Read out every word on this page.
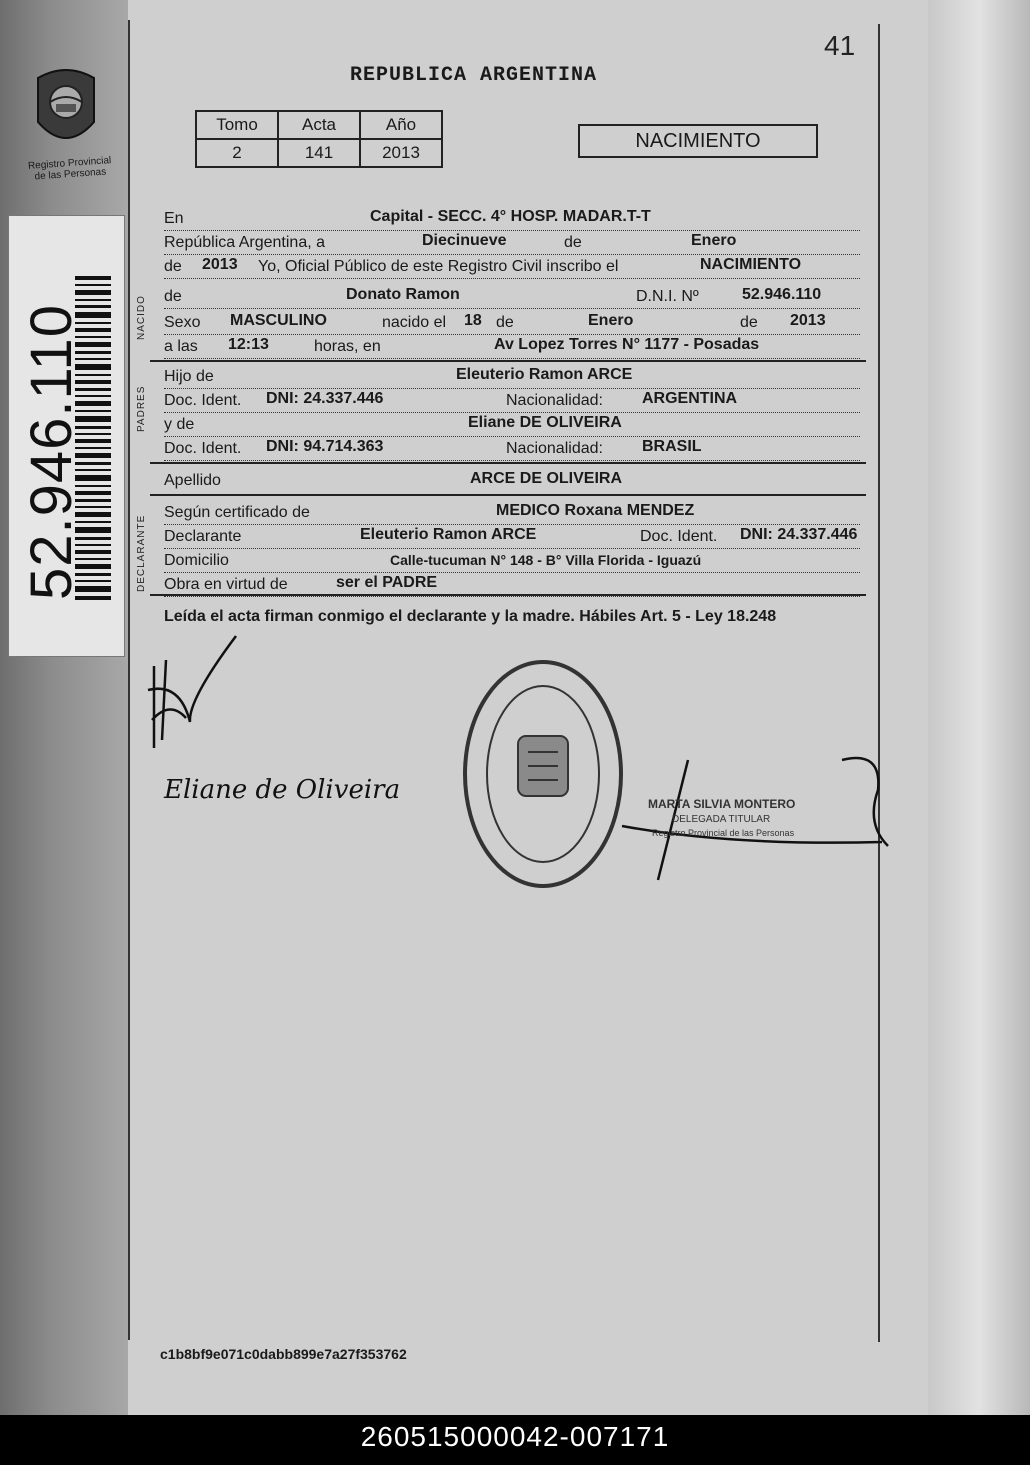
Registro Provincial de las Personas
52.946.110
41
REPUBLICA ARGENTINA
Tomo	Acta	Año
2	141	2013
NACIMIENTO
En	Capital - SECC. 4° HOSP. MADAR.T-T
República Argentina, a	Diecinueve	de	Enero
de 2013 Yo, Oficial Público de este Registro Civil inscribo el	NACIMIENTO
NACIDO de	Donato Ramon	D.N.I. Nº	52.946.110
Sexo MASCULINO	nacido el 18 de	Enero	de 2013
a las 12:13	horas, en	Av Lopez Torres N° 1177 - Posadas
PADRES
Hijo de	Eleuterio Ramon ARCE
Doc. Ident. DNI: 24.337.446	Nacionalidad: ARGENTINA
y de	Eliane DE OLIVEIRA
Doc. Ident. DNI: 94.714.363	Nacionalidad: BRASIL
Apellido	ARCE DE OLIVEIRA
DECLARANTE
Según certificado de	MEDICO Roxana MENDEZ
Declarante	Eleuterio Ramon ARCE	Doc. Ident. DNI: 24.337.446
Domicilio	Calle-tucuman N° 148 - B° Villa Florida - Iguazú
Obra en virtud de	ser el PADRE
Leída el acta firman conmigo el declarante y la madre. Hábiles Art. 5 - Ley 18.248
Eliane de Oliveira	MARTA SILVIA MONTERO
DELEGADA TITULAR
Registro Provincial de las Personas
c1b8bf9e071c0dabb899e7a27f353762
260515000042-007171
